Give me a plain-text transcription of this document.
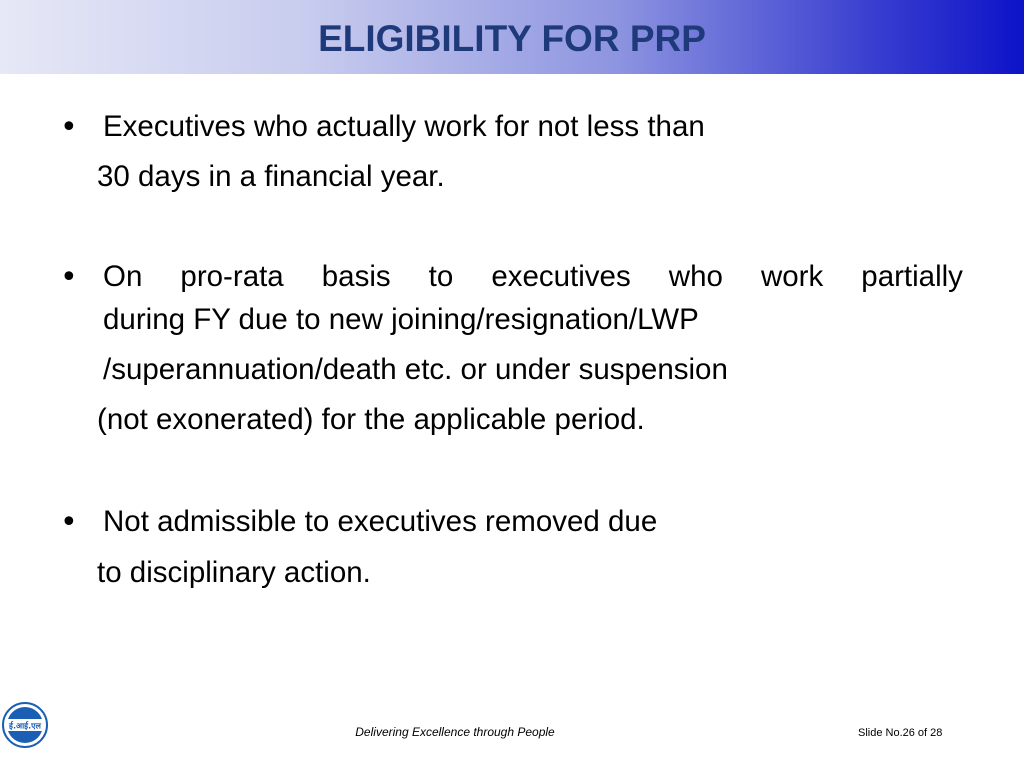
ELIGIBILITY FOR PRP
• Executives who actually work for not less than
30 days in a financial year.
• On pro-rata basis to executives who work partially
during FY due to new joining/resignation/LWP
/superannuation/death etc. or under suspension
(not exonerated) for the applicable period.
• Not admissible to executives removed due
to disciplinary action.
ई.आई.एल	Delivering Excellence through People	Slide No.26 of 28
